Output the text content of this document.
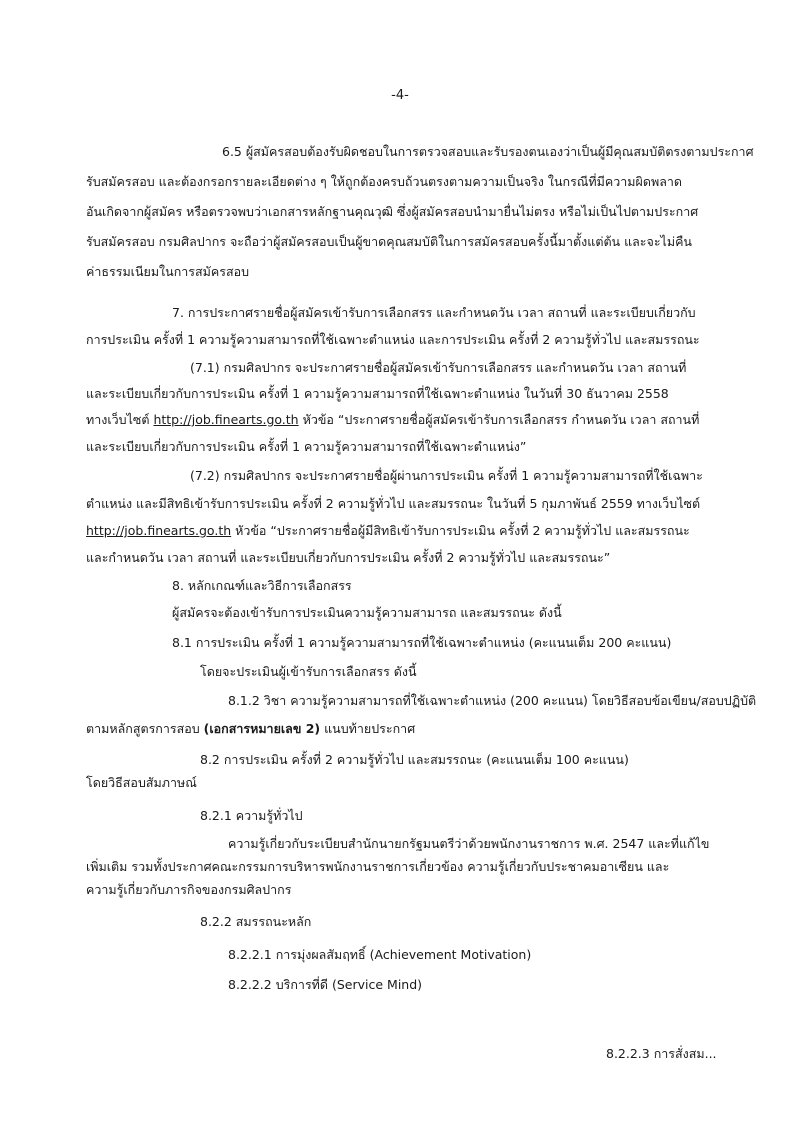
-4-
6.5 ผู้สมัครสอบต้องรับผิดชอบในการตรวจสอบและรับรองตนเองว่าเป็นผู้มีคุณสมบัติตรงตามประกาศ
รับสมัครสอบ และต้องกรอกรายละเอียดต่าง ๆ ให้ถูกต้องครบถ้วนตรงตามความเป็นจริง ในกรณีที่มีความผิดพลาด
อันเกิดจากผู้สมัคร หรือตรวจพบว่าเอกสารหลักฐานคุณวุฒิ ซึ่งผู้สมัครสอบนำมายื่นไม่ตรง หรือไม่เป็นไปตามประกาศ
รับสมัครสอบ กรมศิลปากร จะถือว่าผู้สมัครสอบเป็นผู้ขาดคุณสมบัติในการสมัครสอบครั้งนี้มาตั้งแต่ต้น และจะไม่คืน
ค่าธรรมเนียมในการสมัครสอบ
7. การประกาศรายชื่อผู้สมัครเข้ารับการเลือกสรร และกำหนดวัน เวลา สถานที่ และระเบียบเกี่ยวกับ
การประเมิน ครั้งที่ 1 ความรู้ความสามารถที่ใช้เฉพาะตำแหน่ง และการประเมิน ครั้งที่ 2 ความรู้ทั่วไป และสมรรถนะ
(7.1) กรมศิลปากร จะประกาศรายชื่อผู้สมัครเข้ารับการเลือกสรร และกำหนดวัน เวลา สถานที่
และระเบียบเกี่ยวกับการประเมิน ครั้งที่ 1 ความรู้ความสามารถที่ใช้เฉพาะตำแหน่ง ในวันที่ 30 ธันวาคม 2558
ทางเว็บไซต์ http://job.finearts.go.th หัวข้อ “ประกาศรายชื่อผู้สมัครเข้ารับการเลือกสรร กำหนดวัน เวลา สถานที่
และระเบียบเกี่ยวกับการประเมิน ครั้งที่ 1 ความรู้ความสามารถที่ใช้เฉพาะตำแหน่ง”
(7.2) กรมศิลปากร จะประกาศรายชื่อผู้ผ่านการประเมิน ครั้งที่ 1 ความรู้ความสามารถที่ใช้เฉพาะ
ตำแหน่ง และมีสิทธิเข้ารับการประเมิน ครั้งที่ 2 ความรู้ทั่วไป และสมรรถนะ ในวันที่ 5 กุมภาพันธ์ 2559 ทางเว็บไซต์
http://job.finearts.go.th หัวข้อ “ประกาศรายชื่อผู้มีสิทธิเข้ารับการประเมิน ครั้งที่ 2 ความรู้ทั่วไป และสมรรถนะ
และกำหนดวัน เวลา สถานที่ และระเบียบเกี่ยวกับการประเมิน ครั้งที่ 2 ความรู้ทั่วไป และสมรรถนะ”
8. หลักเกณฑ์และวิธีการเลือกสรร
ผู้สมัครจะต้องเข้ารับการประเมินความรู้ความสามารถ และสมรรถนะ ดังนี้
8.1 การประเมิน ครั้งที่ 1 ความรู้ความสามารถที่ใช้เฉพาะตำแหน่ง (คะแนนเต็ม 200 คะแนน)
โดยจะประเมินผู้เข้ารับการเลือกสรร ดังนี้
8.1.2 วิชา ความรู้ความสามารถที่ใช้เฉพาะตำแหน่ง (200 คะแนน) โดยวิธีสอบข้อเขียน/สอบปฏิบัติ
ตามหลักสูตรการสอบ (เอกสารหมายเลข 2) แนบท้ายประกาศ
8.2 การประเมิน ครั้งที่ 2 ความรู้ทั่วไป และสมรรถนะ (คะแนนเต็ม 100 คะแนน)
โดยวิธีสอบสัมภาษณ์
8.2.1 ความรู้ทั่วไป
ความรู้เกี่ยวกับระเบียบสำนักนายกรัฐมนตรีว่าด้วยพนักงานราชการ พ.ศ. 2547 และที่แก้ไข
เพิ่มเติม รวมทั้งประกาศคณะกรรมการบริหารพนักงานราชการเกี่ยวข้อง ความรู้เกี่ยวกับประชาคมอาเซียน และ
ความรู้เกี่ยวกับภารกิจของกรมศิลปากร
8.2.2 สมรรถนะหลัก
8.2.2.1 การมุ่งผลสัมฤทธิ์ (Achievement Motivation)
8.2.2.2 บริการที่ดี (Service Mind)
8.2.2.3 การสั่งสม...
